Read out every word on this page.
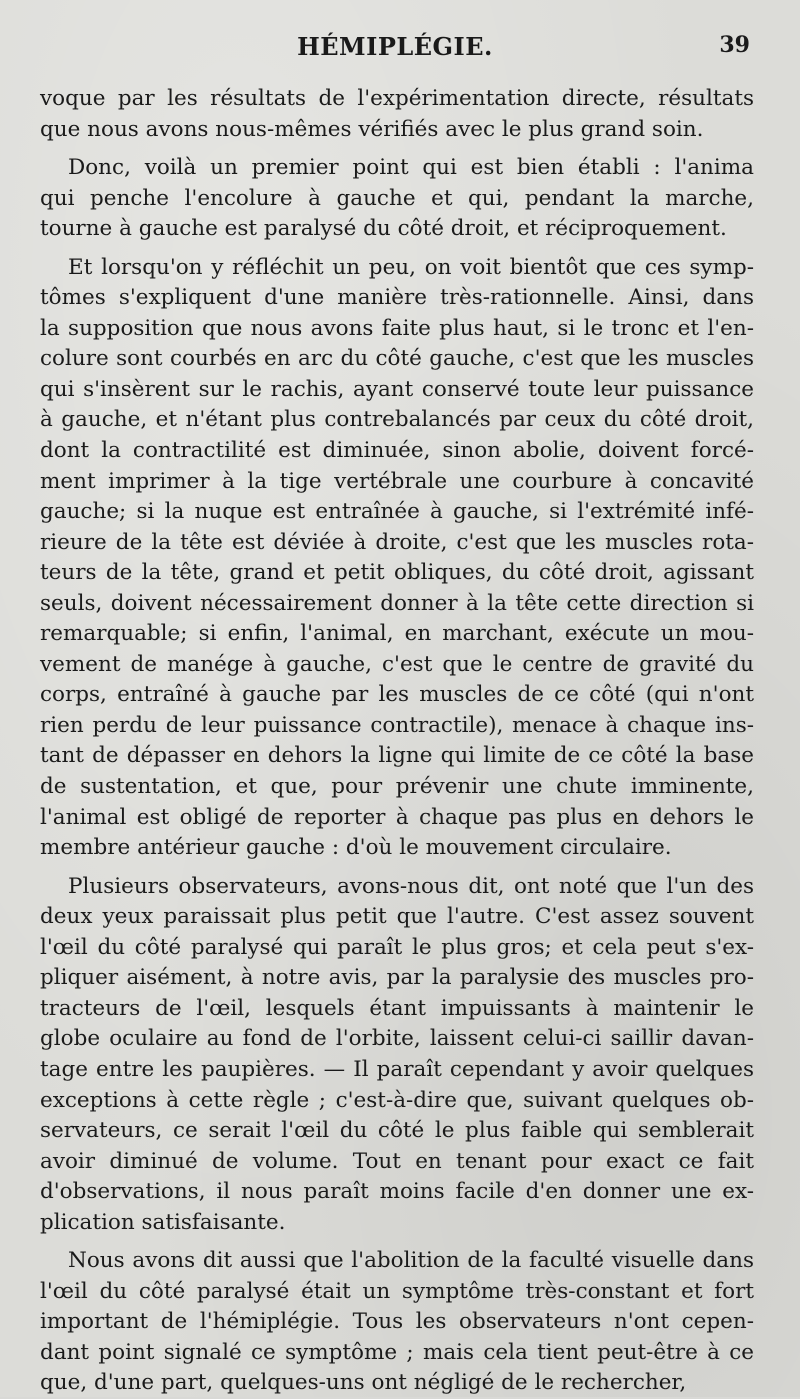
HÉMIPLÉGIE.	39
voque par les résultats de l'expérimentation directe, résultats
que nous avons nous-mêmes vérifiés avec le plus grand soin.
Donc, voilà un premier point qui est bien établi : l'anima
qui penche l'encolure à gauche et qui, pendant la marche,
tourne à gauche est paralysé du côté droit, et réciproquement.
Et lorsqu'on y réfléchit un peu, on voit bientôt que ces symp-
tômes s'expliquent d'une manière très-rationnelle. Ainsi, dans
la supposition que nous avons faite plus haut, si le tronc et l'en-
colure sont courbés en arc du côté gauche, c'est que les muscles
qui s'insèrent sur le rachis, ayant conservé toute leur puissance
à gauche, et n'étant plus contrebalancés par ceux du côté droit,
dont la contractilité est diminuée, sinon abolie, doivent forcé-
ment imprimer à la tige vertébrale une courbure à concavité
gauche; si la nuque est entraînée à gauche, si l'extrémité infé-
rieure de la tête est déviée à droite, c'est que les muscles rota-
teurs de la tête, grand et petit obliques, du côté droit, agissant
seuls, doivent nécessairement donner à la tête cette direction si
remarquable; si enfin, l'animal, en marchant, exécute un mou-
vement de manége à gauche, c'est que le centre de gravité du
corps, entraîné à gauche par les muscles de ce côté (qui n'ont
rien perdu de leur puissance contractile), menace à chaque ins-
tant de dépasser en dehors la ligne qui limite de ce côté la base
de sustentation, et que, pour prévenir une chute imminente,
l'animal est obligé de reporter à chaque pas plus en dehors le
membre antérieur gauche : d'où le mouvement circulaire.
Plusieurs observateurs, avons-nous dit, ont noté que l'un des
deux yeux paraissait plus petit que l'autre. C'est assez souvent
l'œil du côté paralysé qui paraît le plus gros; et cela peut s'ex-
pliquer aisément, à notre avis, par la paralysie des muscles pro-
tracteurs de l'œil, lesquels étant impuissants à maintenir le
globe oculaire au fond de l'orbite, laissent celui-ci saillir davan-
tage entre les paupières. — Il paraît cependant y avoir quelques
exceptions à cette règle ; c'est-à-dire que, suivant quelques ob-
servateurs, ce serait l'œil du côté le plus faible qui semblerait
avoir diminué de volume. Tout en tenant pour exact ce fait
d'observations, il nous paraît moins facile d'en donner une ex-
plication satisfaisante.
Nous avons dit aussi que l'abolition de la faculté visuelle dans
l'œil du côté paralysé était un symptôme très-constant et fort
important de l'hémiplégie. Tous les observateurs n'ont cepen-
dant point signalé ce symptôme ; mais cela tient peut-être à ce
que, d'une part, quelques-uns ont négligé de le rechercher,
